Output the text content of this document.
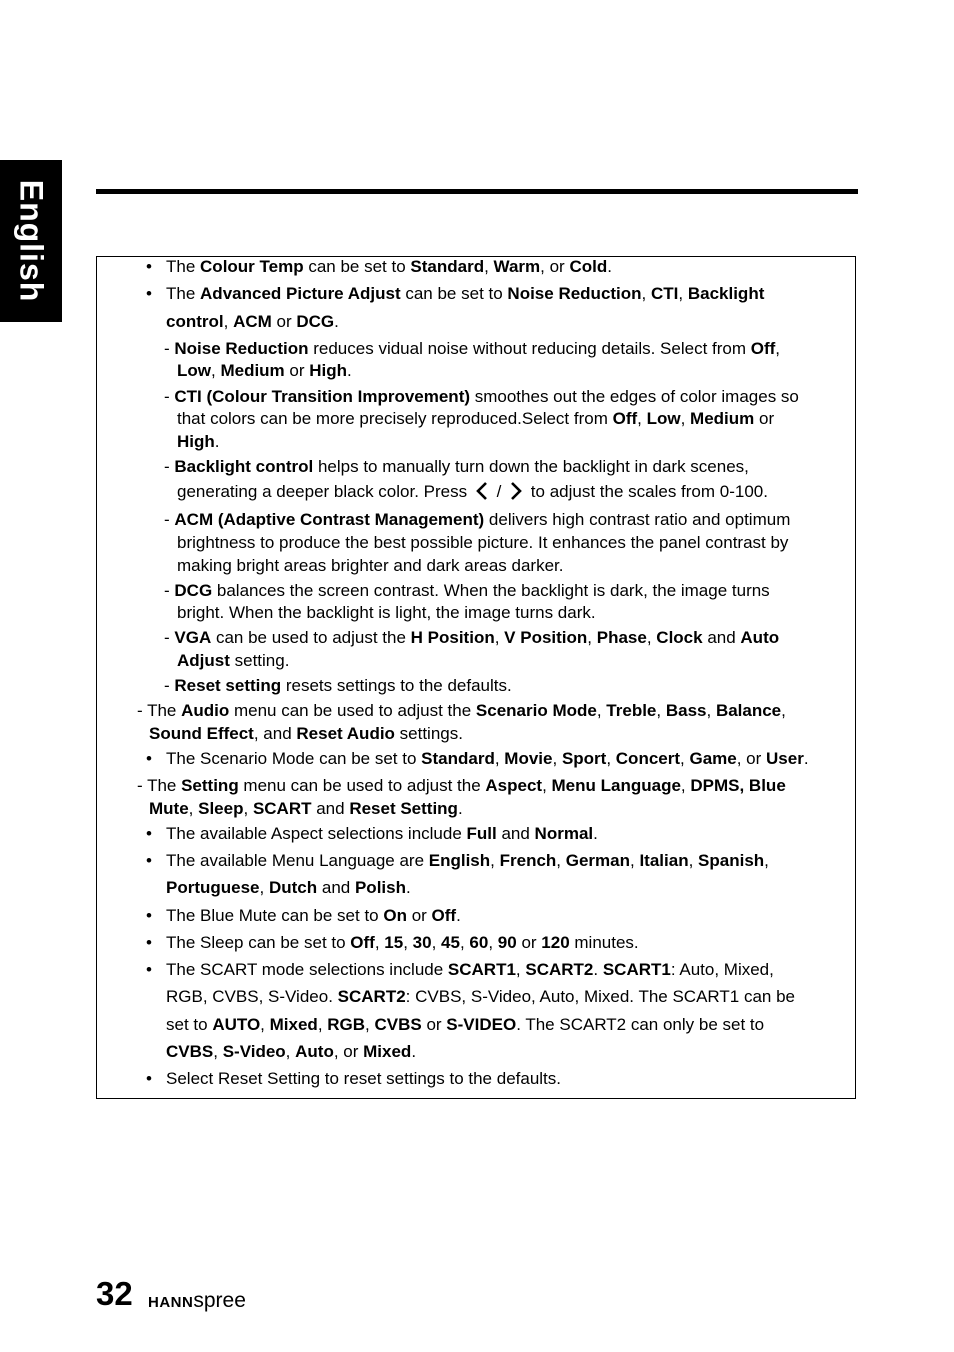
English	• The Colour Temp can be set to Standard, Warm, or Cold.
• The Advanced Picture Adjust can be set to Noise Reduction, CTI, Backlight
control, ACM or DCG.
- Noise Reduction reduces vidual noise without reducing details. Select from Off,
Low, Medium or High.
- CTI (Colour Transition Improvement) smoothes out the edges of color images so
that colors can be more precisely reproduced.Select from Off, Low, Medium or
High.
- Backlight control helps to manually turn down the backlight in dark scenes,
generating a deeper black color. Press / to adjust the scales from 0-100.
- ACM (Adaptive Contrast Management) delivers high contrast ratio and optimum
brightness to produce the best possible picture. It enhances the panel contrast by
making bright areas brighter and dark areas darker.
- DCG balances the screen contrast. When the backlight is dark, the image turns
bright. When the backlight is light, the image turns dark.
- VGA can be used to adjust the H Position, V Position, Phase, Clock and Auto
Adjust setting.
- Reset setting resets settings to the defaults.
- The Audio menu can be used to adjust the Scenario Mode, Treble, Bass, Balance,
Sound Effect, and Reset Audio settings.
• The Scenario Mode can be set to Standard, Movie, Sport, Concert, Game, or User.
- The Setting menu can be used to adjust the Aspect, Menu Language, DPMS, Blue
Mute, Sleep, SCART and Reset Setting.
• The available Aspect selections include Full and Normal.
• The available Menu Language are English, French, German, Italian, Spanish,
Portuguese, Dutch and Polish.
• The Blue Mute can be set to On or Off.
• The Sleep can be set to Off, 15, 30, 45, 60, 90 or 120 minutes.
• The SCART mode selections include SCART1, SCART2. SCART1: Auto, Mixed,
RGB, CVBS, S-Video. SCART2: CVBS, S-Video, Auto, Mixed. The SCART1 can be
set to AUTO, Mixed, RGB, CVBS or S-VIDEO. The SCART2 can only be set to
CVBS, S-Video, Auto, or Mixed.
• Select Reset Setting to reset settings to the defaults.
32 HANNspree
